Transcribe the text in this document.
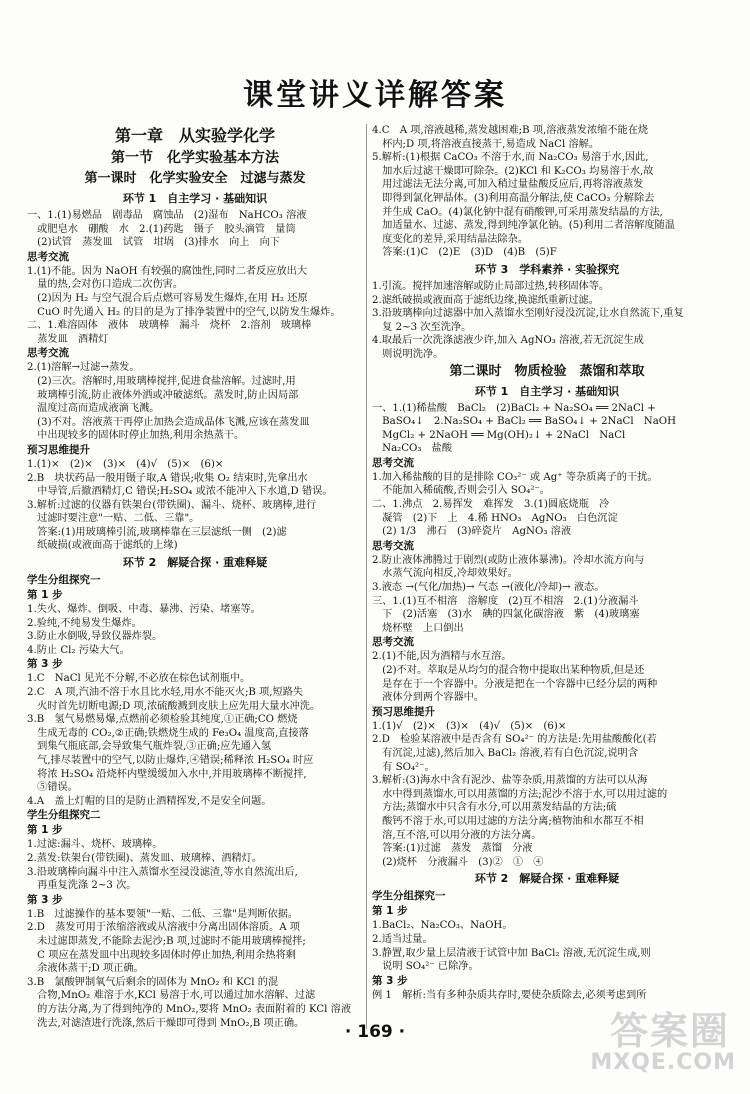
课堂讲义详解答案
第一章　从实验学化学
第一节　化学实验基本方法
第一课时　化学实验安全　过滤与蒸发
环节 1　自主学习 · 基础知识
一、1.(1)易燃品　剧毒品　腐蚀品　(2)湿布　NaHCO₃ 溶液
　或肥皂水　硼酸　水　2.(1)药匙　镊子　胶头滴管　量筒
　(2)试管　蒸发皿　试管　坩埚　(3)排水　向上　向下
思考交流
1.(1)不能。因为 NaOH 有较强的腐蚀性,同时二者反应放出大
　量的热,会对伤口造成二次伤害。
　(2)因为 H₂ 与空气混合后点燃可容易发生爆炸,在用 H₂ 还原
　CuO 时先通入 H₂ 的目的是为了排净装置中的空气,以防发生爆炸。
二、1.难溶固体　液体　玻璃棒　漏斗　烧杯　2.溶剂　玻璃棒
　蒸发皿　酒精灯
思考交流
2.(1)溶解→过滤→蒸发。
　(2)三次。溶解时,用玻璃棒搅拌,促进食盐溶解。过滤时,用
　玻璃棒引流,防止液体外洒或冲破滤纸。蒸发时,防止因局部
　温度过高而造成液滴飞溅。
　(3)不对。溶液蒸干再停止加热会造成晶体飞溅,应该在蒸发皿
　中出现较多的固体时停止加热,利用余热蒸干。
预习思维提升
1.(1)×　(2)×　(3)×　(4)√　(5)×　(6)×
2.B　块状药品一般用镊子取,A 错误;收集 O₂ 结束时,先拿出水
　中导管,后撤酒精灯,C 错误;H₂SO₄ 或浓不能冲入下水道,D 错误。
3.解析:过滤的仪器有铁架台(带铁圈)、漏斗、烧杯、玻璃棒,进行
　过滤时要注意"一贴、二低、三靠"。
　答案:(1)用玻璃棒引流,玻璃棒靠在三层滤纸一侧　(2)滤
　纸破损(或液面高于滤纸的上缘)
环节 2　解疑合探 · 重难释疑
学生分组探究一
第 1 步
1.失火、爆炸、倒吸、中毒、暴沸、污染、堵塞等。
2.验纯,不纯易发生爆炸。
3.防止水倒吸,导致仪器炸裂。
4.防止 Cl₂ 污染大气。
第 3 步
1.C　NaCl 见光不分解,不必放在棕色试剂瓶中。
2.C　A 项,汽油不溶于水且比水轻,用水不能灭火;B 项,短路失
　火时首先切断电源;D 项,浓硫酸溅到皮肤上应先用大量水冲洗。
3.B　氢气易燃易爆,点燃前必须检验其纯度,①正确;CO 燃烧
　生成无毒的 CO₂,②正确;铁燃烧生成的 Fe₃O₄ 温度高,直接落
　到集气瓶底部,会导致集气瓶炸裂,③正确;应先通入氢
　气,排尽装置中的空气,以防止爆炸,④错误;稀释浓 H₂SO₄ 时应
　将浓 H₂SO₄ 沿烧杯内壁缓缓加入水中,并用玻璃棒不断搅拌,
　⑤错误。
4.A　盖上灯帽的目的是防止酒精挥发,不是安全问题。
学生分组探究二
第 1 步
1.过滤:漏斗、烧杯、玻璃棒。
2.蒸发:铁架台(带铁圈)、蒸发皿、玻璃棒、酒精灯。
3.沿玻璃棒向漏斗中注入蒸馏水至浸没滤渣,等水自然流出后,
　再重复洗涤 2~3 次。
第 3 步
1.B　过滤操作的基本要领"一贴、二低、三靠"是判断依据。
2.D　蒸发可用于浓缩溶液或从溶液中分离出固体溶质。A 项
　未过滤即蒸发,不能除去泥沙;B 项,过滤时不能用玻璃棒搅拌;
　C 项应在蒸发皿中出现较多固体时停止加热,利用余热将剩
　余液体蒸干;D 项正确。
3.B　氯酸钾制氧气后剩余的固体为 MnO₂ 和 KCl 的混
　合物,MnO₂ 难溶于水,KCl 易溶于水,可以通过加水溶解、过滤
　的方法分离,为了得到纯净的 MnO₂,要将 MnO₂ 表面附着的 KCl 溶液
　洗去,对滤渣进行洗涤,然后干燥即可得到 MnO₂,B 项正确。
4.C　A 项,溶液越稀,蒸发越困难;B 项,溶液蒸发浓缩不能在烧
　杯内;D 项,将溶液直接蒸干,易造成 NaCl 溶解。
5.解析:(1)根据 CaCO₃ 不溶于水,而 Na₂CO₃ 易溶于水,因此,
　加水后过滤干燥即可除杂。(2)KCl 和 K₂CO₃ 均易溶于水,故
　用过滤法无法分离,可加入稍过量盐酸反应后,再将溶液蒸发
　即得到氯化钾晶体。(3)利用高温分解法,使 CaCO₃ 分解除去
　并生成 CaO。(4)氯化钠中混有硝酸钾,可采用蒸发结晶的方法,
　加适量水、过滤、蒸发,得到纯净氯化钠。(5)利用二者溶解度随温
　度变化的差异,采用结晶法除杂。
　答案:(1)C　(2)E　(3)D　(4)B　(5)F
环节 3　学科素养 · 实验探究
1.引流。搅拌加速溶解或防止局部过热,转移固体等。
2.滤纸破损或液面高于滤纸边缘,换滤纸重新过滤。
3.沿玻璃棒向过滤器中加入蒸馏水至刚好浸没沉淀,让水自然流下,重复
　复 2~3 次至洗净。
4.取最后一次洗涤滤液少许,加入 AgNO₃ 溶液,若无沉淀生成
　则说明洗净。
第二课时　物质检验　蒸馏和萃取
环节 1　自主学习 · 基础知识
一、1.(1)稀盐酸　BaCl₂　(2)BaCl₂ + Na₂SO₄ ══ 2NaCl +
　BaSO₄↓　2.Na₂SO₄ + BaCl₂ ══ BaSO₄↓ + 2NaCl　NaOH
　MgCl₂ + 2NaOH ══ Mg(OH)₂↓ + 2NaCl　NaCl
　Na₂CO₃　盐酸
思考交流
1.加入稀盐酸的目的是排除 CO₃²⁻ 或 Ag⁺ 等杂质离子的干扰。
　不能加入稀硫酸,否则会引入 SO₄²⁻。
二、1.沸点　2.易挥发　难挥发　3.(1)圆底烧瓶　冷
　凝管　(2)下　上　4.稀 HNO₃　AgNO₃　白色沉淀
　(2) 1/3　沸石　(3)碎瓷片　AgNO₃ 溶液
思考交流
2.防止液体沸腾过于剧烈(或防止液体暴沸)。冷却水流方向与
　水蒸气流向相反,冷却效果好。
3.液态 →(气化/加热)→ 气态 →(液化/冷却)→ 液态。
三、1.(1)互不相溶　溶解度　(2)互不相溶　2.(1)分液漏斗
　下　(2)活塞　(3)水　碘的四氯化碳溶液　紫　(4)玻璃塞
　烧杯壁　上口倒出
思考交流
2.(1)不能,因为酒精与水互溶。
　(2)不对。萃取是从均匀的混合物中提取出某种物质,但是还
　是存在于一个容器中。分液是把在一个容器中已经分层的两种
　液体分到两个容器中。
预习思维提升
1.(1)√　(2)×　(3)×　(4)√　(5)×　(6)×
2.D　检验某溶液中是否含有 SO₄²⁻ 的方法是:先用盐酸酸化(若
　有沉淀,过滤),然后加入 BaCl₂ 溶液,若有白色沉淀,说明含
　有 SO₄²⁻。
3.解析:(3)海水中含有泥沙、盐等杂质,用蒸馏的方法可以从海
　水中得到蒸馏水,可以用蒸馏的方法;泥沙不溶于水,可以用过滤的
　方法;蒸馏水中只含有水分,可以用蒸发结晶的方法;硫
　酸钙不溶于水,可以用过滤的方法分离;植物油和水都互不相
　溶,互不溶,可以用分液的方法分离。
　答案:(1)过滤　蒸发　蒸馏　分液
　(2)烧杯　分液漏斗　(3)②　①　④
环节 2　解疑合探 · 重难释疑
学生分组探究一
第 1 步
1.BaCl₂、Na₂CO₃、NaOH。
2.适当过量。
3.静置,取少量上层清液于试管中加 BaCl₂ 溶液,无沉淀生成,则
　说明 SO₄²⁻ 已除净。
第 3 步
例 1　解析:当有多种杂质共存时,要使杂质除去,必须考虑到所
· 169 ·	答案圈
MXQE.COM
